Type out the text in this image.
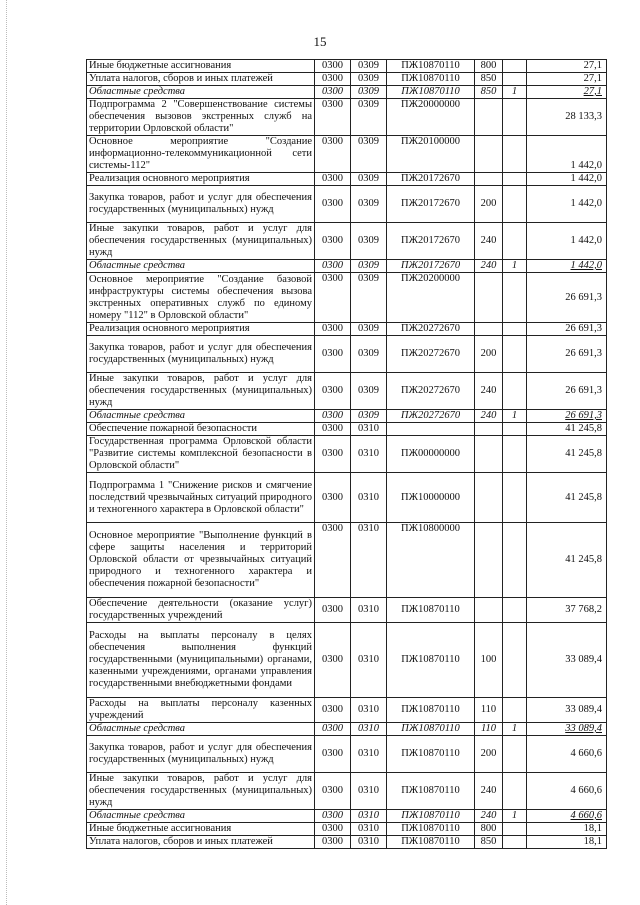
15
Иные бюджетные ассигнования	0300	0309	ПЖ10870110	800		27,1
Уплата налогов, сборов и иных платежей	0300	0309	ПЖ10870110	850		27,1
Областные средства	0300	0309	ПЖ10870110	850	1	27,1
Подпрограмма 2 "Совершенствование системы обеспечения вызовов экстренных служб на территории Орловской области"	0300	0309	ПЖ20000000			28 133,3
Основное мероприятие "Создание информационно-телекоммуникационной сети системы-112"	0300	0309	ПЖ20100000			1 442,0
Реализация основного мероприятия	0300	0309	ПЖ20172670			1 442,0
Закупка товаров, работ и услуг для обеспечения государственных (муниципальных) нужд	0300	0309	ПЖ20172670	200		1 442,0
Иные закупки товаров, работ и услуг для обеспечения государственных (муниципальных) нужд	0300	0309	ПЖ20172670	240		1 442,0
Областные средства	0300	0309	ПЖ20172670	240	1	1 442,0
Основное мероприятие "Создание базовой инфраструктуры системы обеспечения вызова экстренных оперативных служб по единому номеру "112" в Орловской области"	0300	0309	ПЖ20200000			26 691,3
Реализация основного мероприятия	0300	0309	ПЖ20272670			26 691,3
Закупка товаров, работ и услуг для обеспечения государственных (муниципальных) нужд	0300	0309	ПЖ20272670	200		26 691,3
Иные закупки товаров, работ и услуг для обеспечения государственных (муниципальных) нужд	0300	0309	ПЖ20272670	240		26 691,3
Областные средства	0300	0309	ПЖ20272670	240	1	26 691,3
Обеспечение пожарной безопасности	0300	0310				41 245,8
Государственная программа Орловской области "Развитие системы комплексной безопасности в Орловской области"	0300	0310	ПЖ00000000			41 245,8
Подпрограмма 1 "Снижение рисков и смягчение последствий чрезвычайных ситуаций природного и техногенного характера в Орловской области"	0300	0310	ПЖ10000000			41 245,8
Основное мероприятие "Выполнение функций в сфере защиты населения и территорий Орловской области от чрезвычайных ситуаций природного и техногенного характера и обеспечения пожарной безопасности"	0300	0310	ПЖ10800000			41 245,8
Обеспечение деятельности (оказание услуг) государственных учреждений	0300	0310	ПЖ10870110			37 768,2
Расходы на выплаты персоналу в целях обеспечения выполнения функций государственными (муниципальными) органами, казенными учреждениями, органами управления государственными внебюджетными фондами	0300	0310	ПЖ10870110	100		33 089,4
Расходы на выплаты персоналу казенных учреждений	0300	0310	ПЖ10870110	110		33 089,4
Областные средства	0300	0310	ПЖ10870110	110	1	33 089,4
Закупка товаров, работ и услуг для обеспечения государственных (муниципальных) нужд	0300	0310	ПЖ10870110	200		4 660,6
Иные закупки товаров, работ и услуг для обеспечения государственных (муниципальных) нужд	0300	0310	ПЖ10870110	240		4 660,6
Областные средства	0300	0310	ПЖ10870110	240	1	4 660,6
Иные бюджетные ассигнования	0300	0310	ПЖ10870110	800		18,1
Уплата налогов, сборов и иных платежей	0300	0310	ПЖ10870110	850		18,1
